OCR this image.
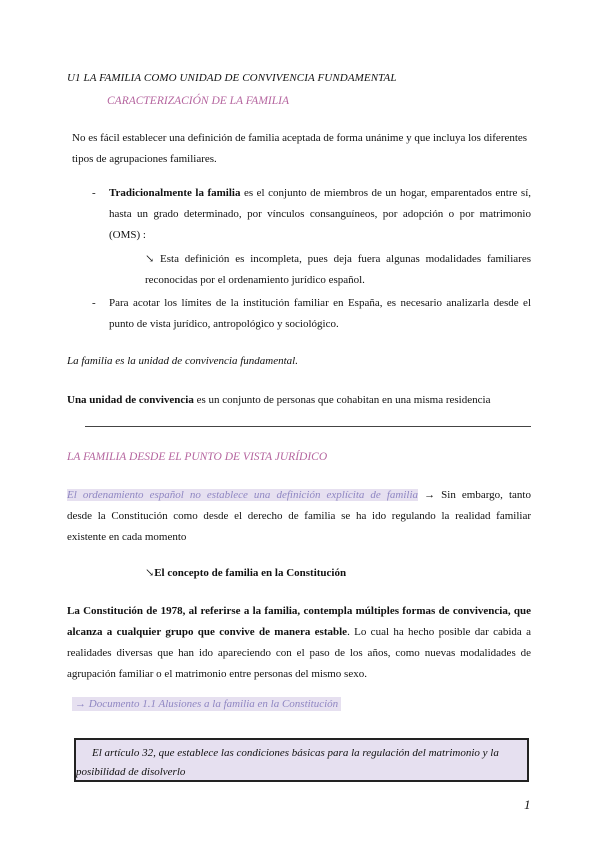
U1 LA FAMILIA COMO UNIDAD DE CONVIVENCIA FUNDAMENTAL
CARACTERIZACIÓN DE LA FAMILIA
No es fácil establecer una definición de familia aceptada de forma unánime y que incluya los diferentes
tipos de agrupaciones familiares.
- Tradicionalmente la familia es el conjunto de miembros de un hogar, emparentados entre sí,
hasta un grado determinado, por vínculos consanguíneos, por adopción o por matrimonio
(OMS) :
↘ Esta definición es incompleta, pues deja fuera algunas modalidades familiares
reconocidas por el ordenamiento jurídico español.
- Para acotar los límites de la institución familiar en España, es necesario analizarla desde el
punto de vista jurídico, antropológico y sociológico.
La familia es la unidad de convivencia fundamental.
Una unidad de convivencia es un conjunto de personas que cohabitan en una misma residencia
LA FAMILIA DESDE EL PUNTO DE VISTA JURÍDICO
El ordenamiento español no establece una definición explícita de familia → Sin embargo, tanto
desde la Constitución como desde el derecho de familia se ha ido regulando la realidad familiar
existente en cada momento
↘El concepto de familia en la Constitución
La Constitución de 1978, al referirse a la familia, contempla múltiples formas de convivencia, que
alcanza a cualquier grupo que convive de manera estable. Lo cual ha hecho posible dar cabida a
realidades diversas que han ido apareciendo con el paso de los años, como nuevas modalidades de
agrupación familiar o el matrimonio entre personas del mismo sexo.
→ Documento 1.1 Alusiones a la familia en la Constitución
El artículo 32, que establece las condiciones básicas para la regulación del matrimonio y la
posibilidad de disolverlo
1
